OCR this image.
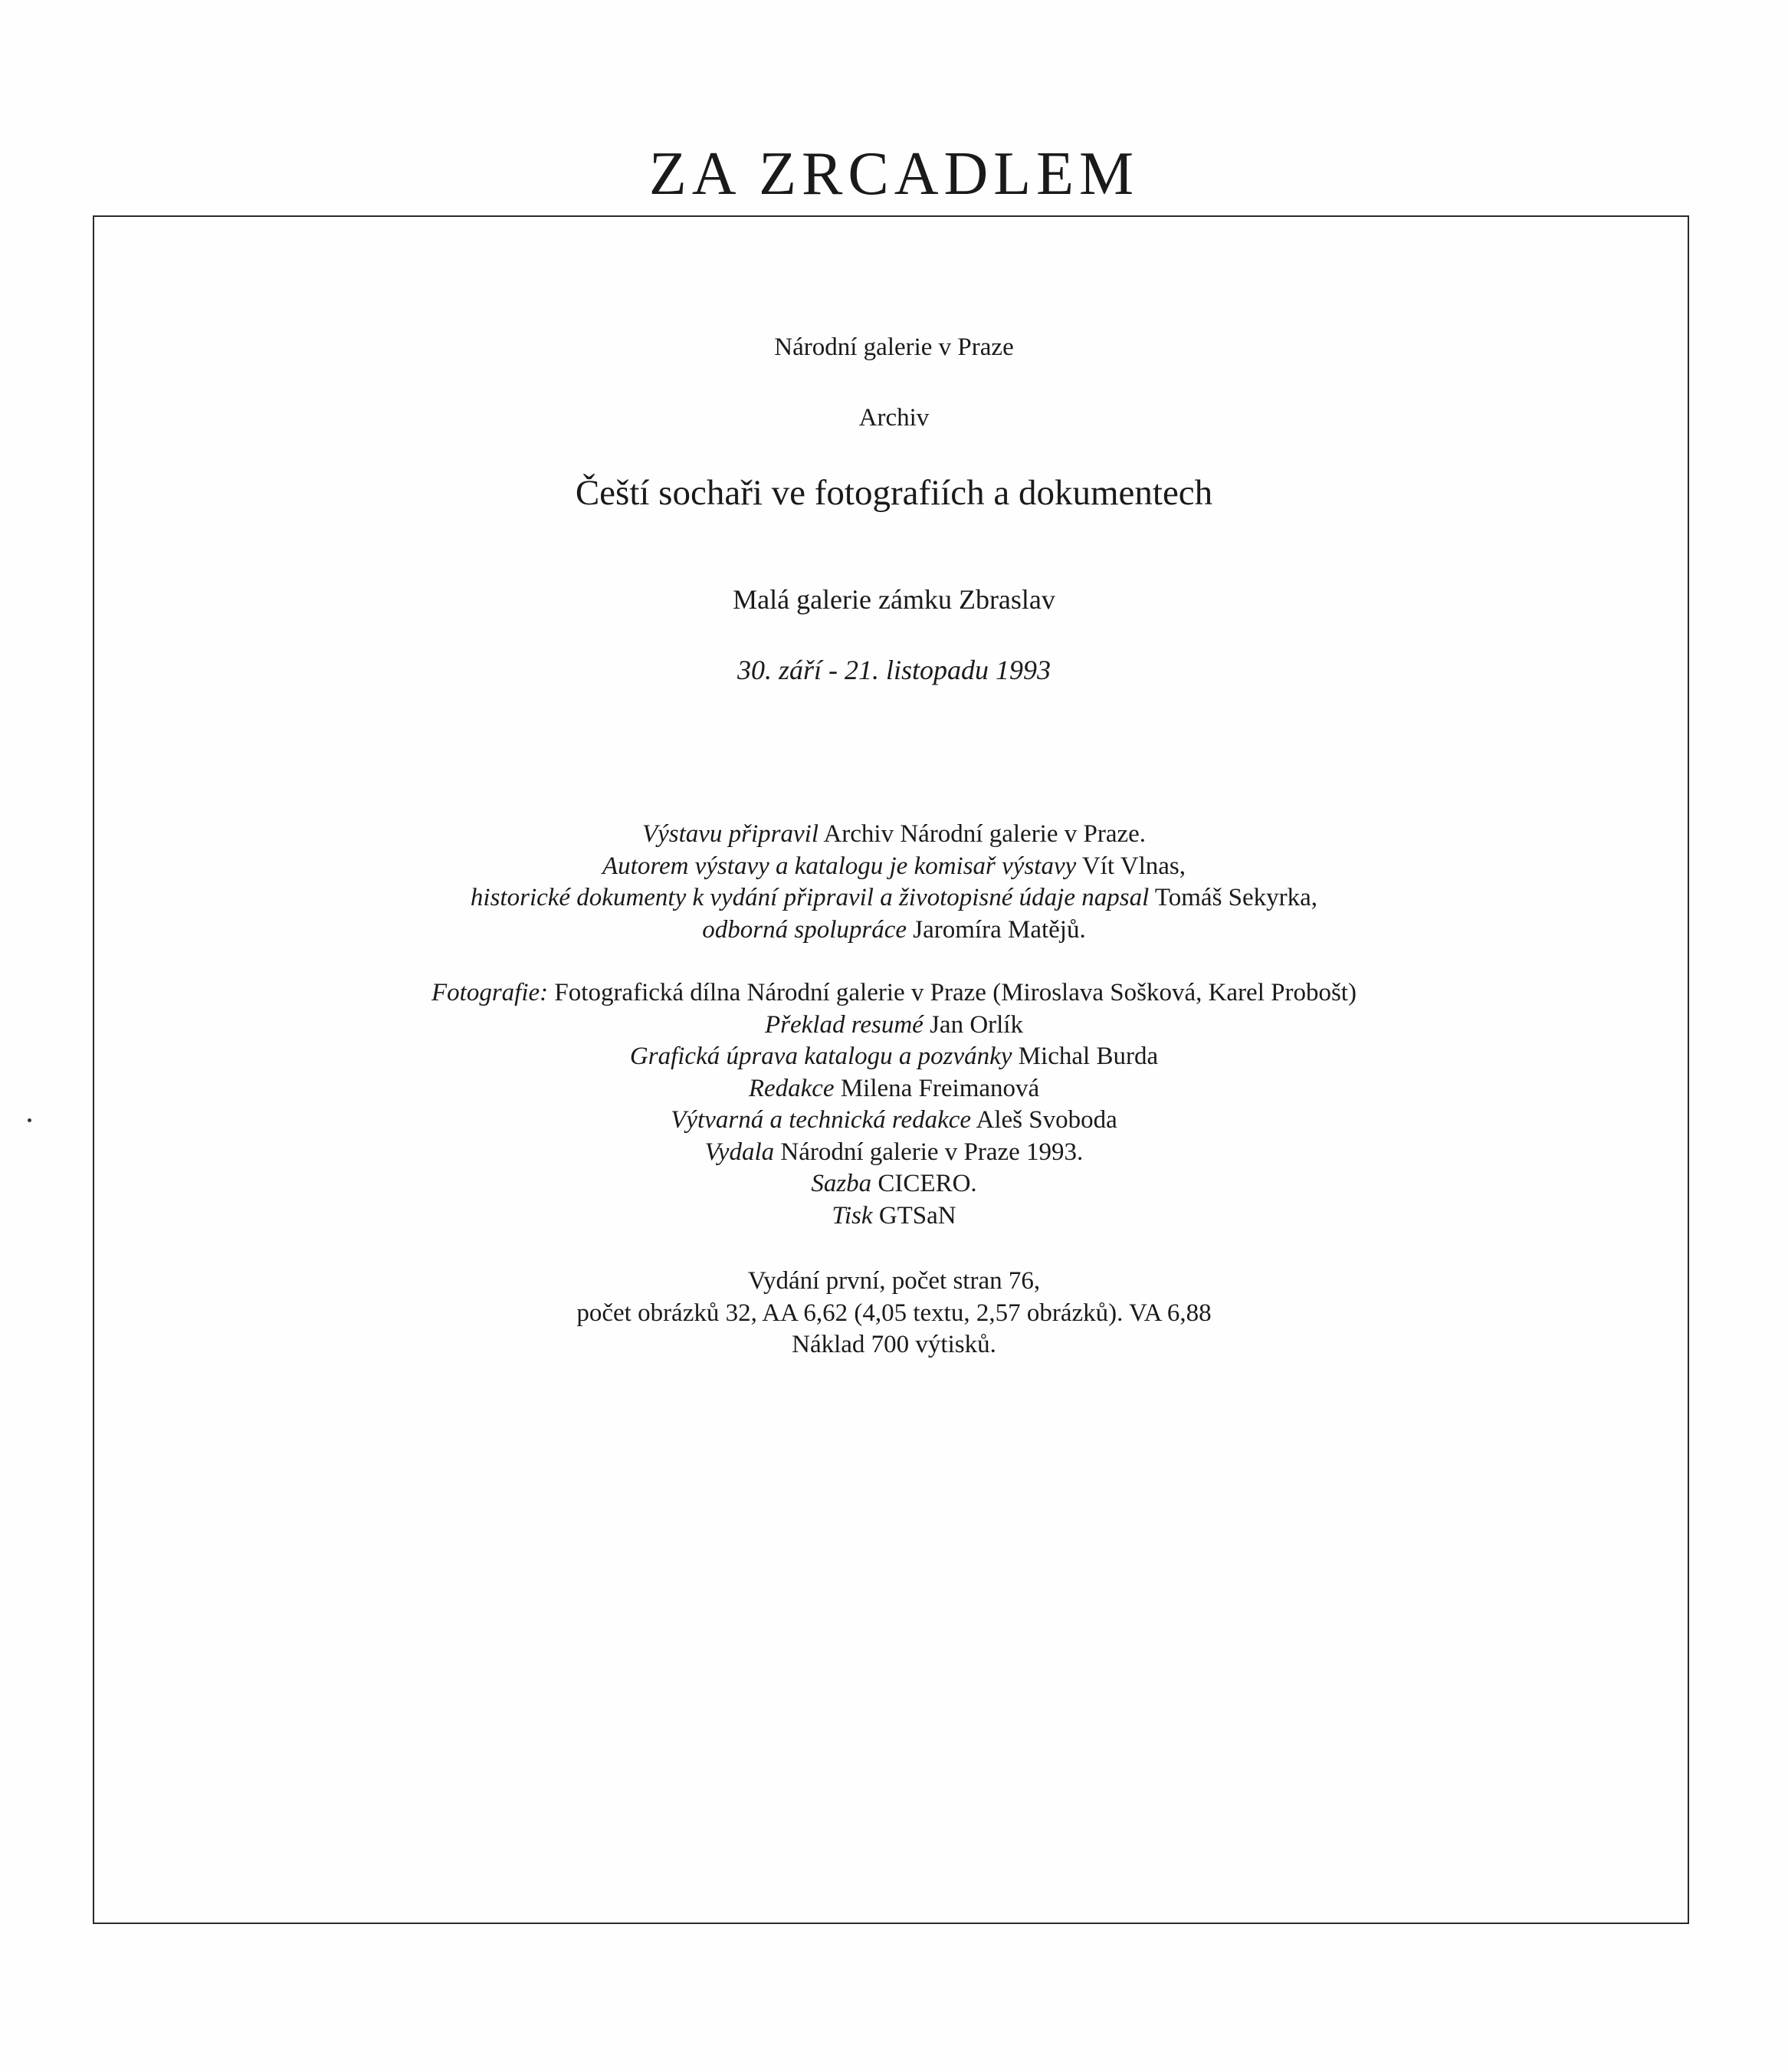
ZA ZRCADLEM
Národní galerie v Praze
Archiv
Čeští sochaři ve fotografiích a dokumentech
Malá galerie zámku Zbraslav
30. září - 21. listopadu 1993
Výstavu připravil Archiv Národní galerie v Praze.
Autorem výstavy a katalogu je komisař výstavy Vít Vlnas,
historické dokumenty k vydání připravil a životopisné údaje napsal Tomáš Sekyrka,
odborná spolupráce Jaromíra Matějů.
Fotografie: Fotografická dílna Národní galerie v Praze (Miroslava Sošková, Karel Probošt)
Překlad resumé Jan Orlík
Grafická úprava katalogu a pozvánky Michal Burda
Redakce Milena Freimanová
Výtvarná a technická redakce Aleš Svoboda
Vydala Národní galerie v Praze 1993.
Sazba CICERO.
Tisk GTSaN
Vydání první, počet stran 76,
počet obrázků 32, AA 6,62 (4,05 textu, 2,57 obrázků). VA 6,88
Náklad 700 výtisků.
